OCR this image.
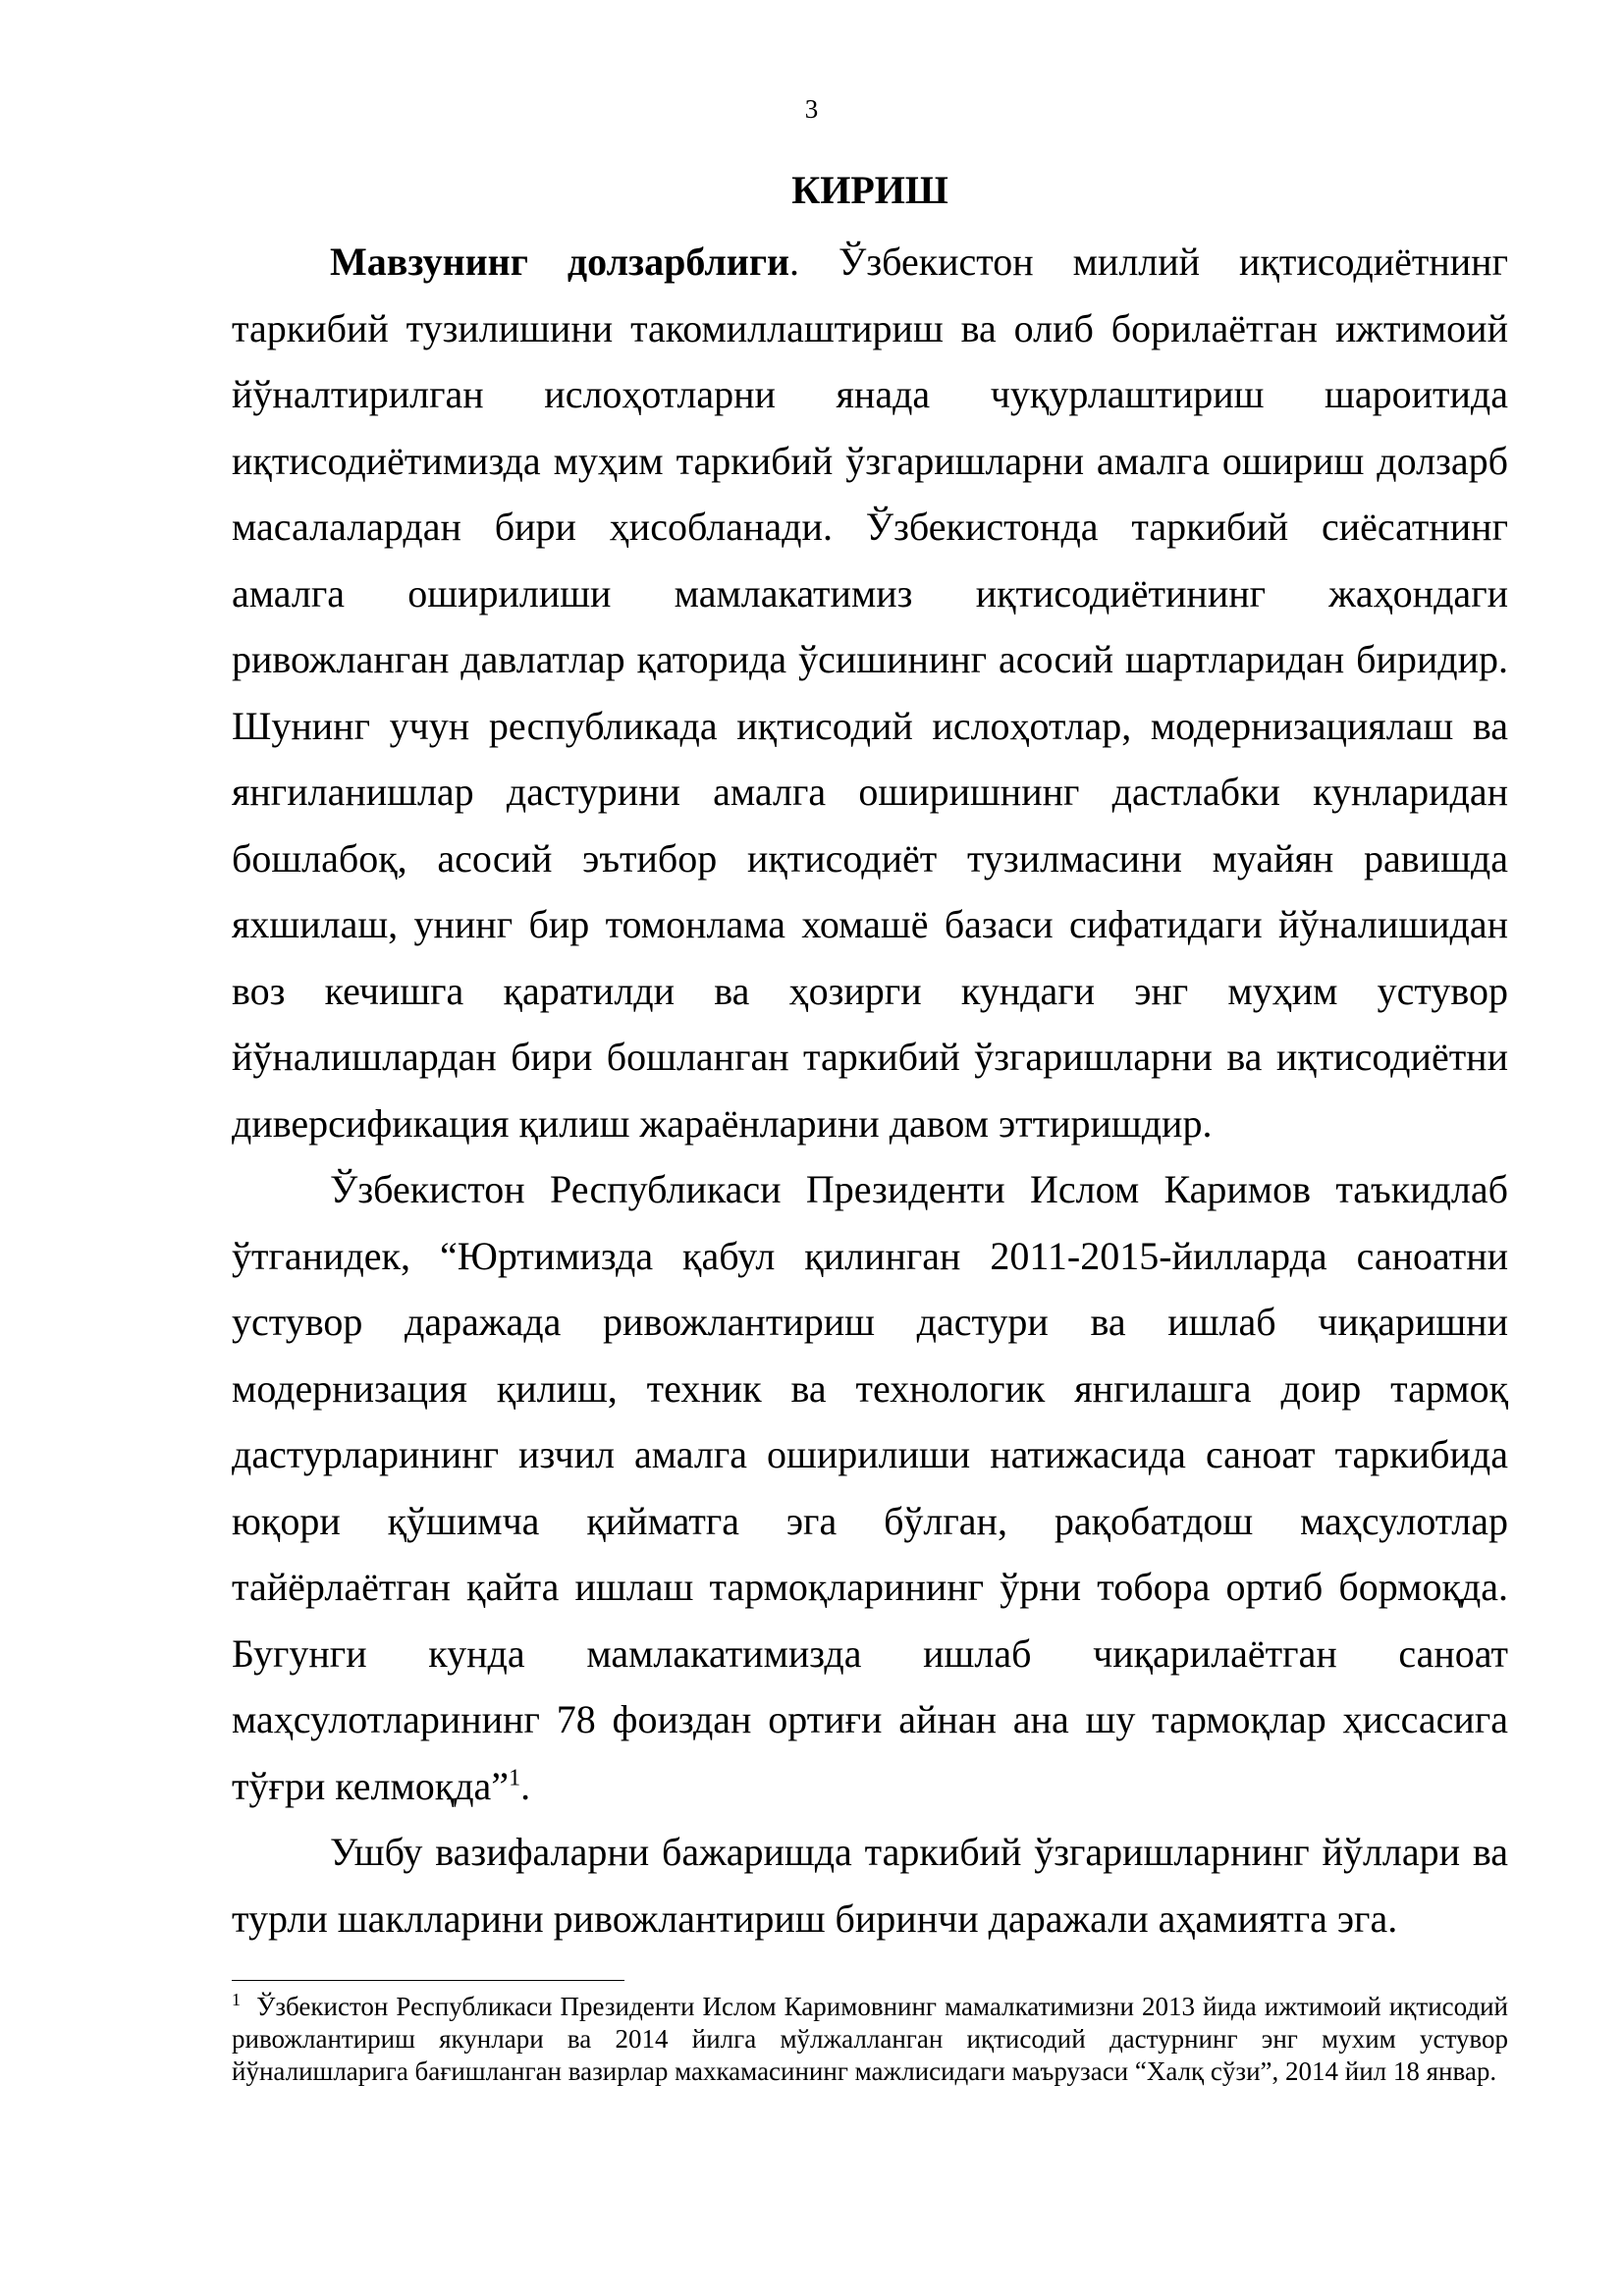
3
КИРИШ

Мавзунинг долзарблиги. Ўзбекистон миллий иқтисодиётнинг таркибий тузилишини такомиллаштириш ва олиб борилаётган ижтимоий йўналтирилган ислоҳотларни янада чуқурлаштириш шароитида иқтисодиётимизда муҳим таркибий ўзгаришларни амалга ошириш долзарб масалалардан бири ҳисобланади. Ўзбекистонда таркибий сиёсатнинг амалга оширилиши мамлакатимиз иқтисодиётининг жаҳондаги ривожланган давлатлар қаторида ўсишининг асосий шартларидан биридир. Шунинг учун республикада иқтисодий ислоҳотлар, модернизациялаш ва янгиланишлар дастурини амалга оширишнинг дастлабки кунларидан бошлабоқ, асосий эътибор иқтисодиёт тузилмасини муайян равишда яхшилаш, унинг бир томонлама хомашё базаси сифатидаги йўналишидан воз кечишга қаратилди ва ҳозирги кундаги энг муҳим устувор йўналишлардан бири бошланган таркибий ўзгаришларни ва иқтисодиётни диверсификация қилиш жараёнларини давом эттиришдир.

Ўзбекистон Республикаси Президенти Ислом Каримов таъкидлаб ўтганидек, “Юртимизда қабул қилинган 2011-2015-йилларда саноатни устувор даражада ривожлантириш дастури ва ишлаб чиқаришни модернизация қилиш, техник ва технологик янгилашга доир тармоқ дастурларининг изчил амалга оширилиши натижасида саноат таркибида юқори қўшимча қийматга эга бўлган, рақобатдош маҳсулотлар тайёрлаётган қайта ишлаш тармоқларининг ўрни тобора ортиб бормоқда. Бугунги кунда мамлакатимизда ишлаб чиқарилаётган саноат маҳсулотларининг 78 фоиздан ортиғи айнан ана шу тармоқлар ҳиссасига тўғри келмоқда”$^1$.

Ушбу вазифаларни бажаришда таркибий ўзгаришларнинг йўллари ва турли шаклларини ривожлантириш биринчи даражали аҳамиятга эга.

$^1$ Ўзбекистон Республикаси Президенти Ислом Каримовнинг мамалкатимизни 2013 йида ижтимоий иқтисодий ривожлантириш якунлари ва 2014 йилга мўлжалланган иқтисодий дастурнинг энг мухим устувор йўналишларига бағишланган вазирлар махкамасининг мажлисидаги маърузаси “Халқ сўзи”, 2014 йил 18 январ.
